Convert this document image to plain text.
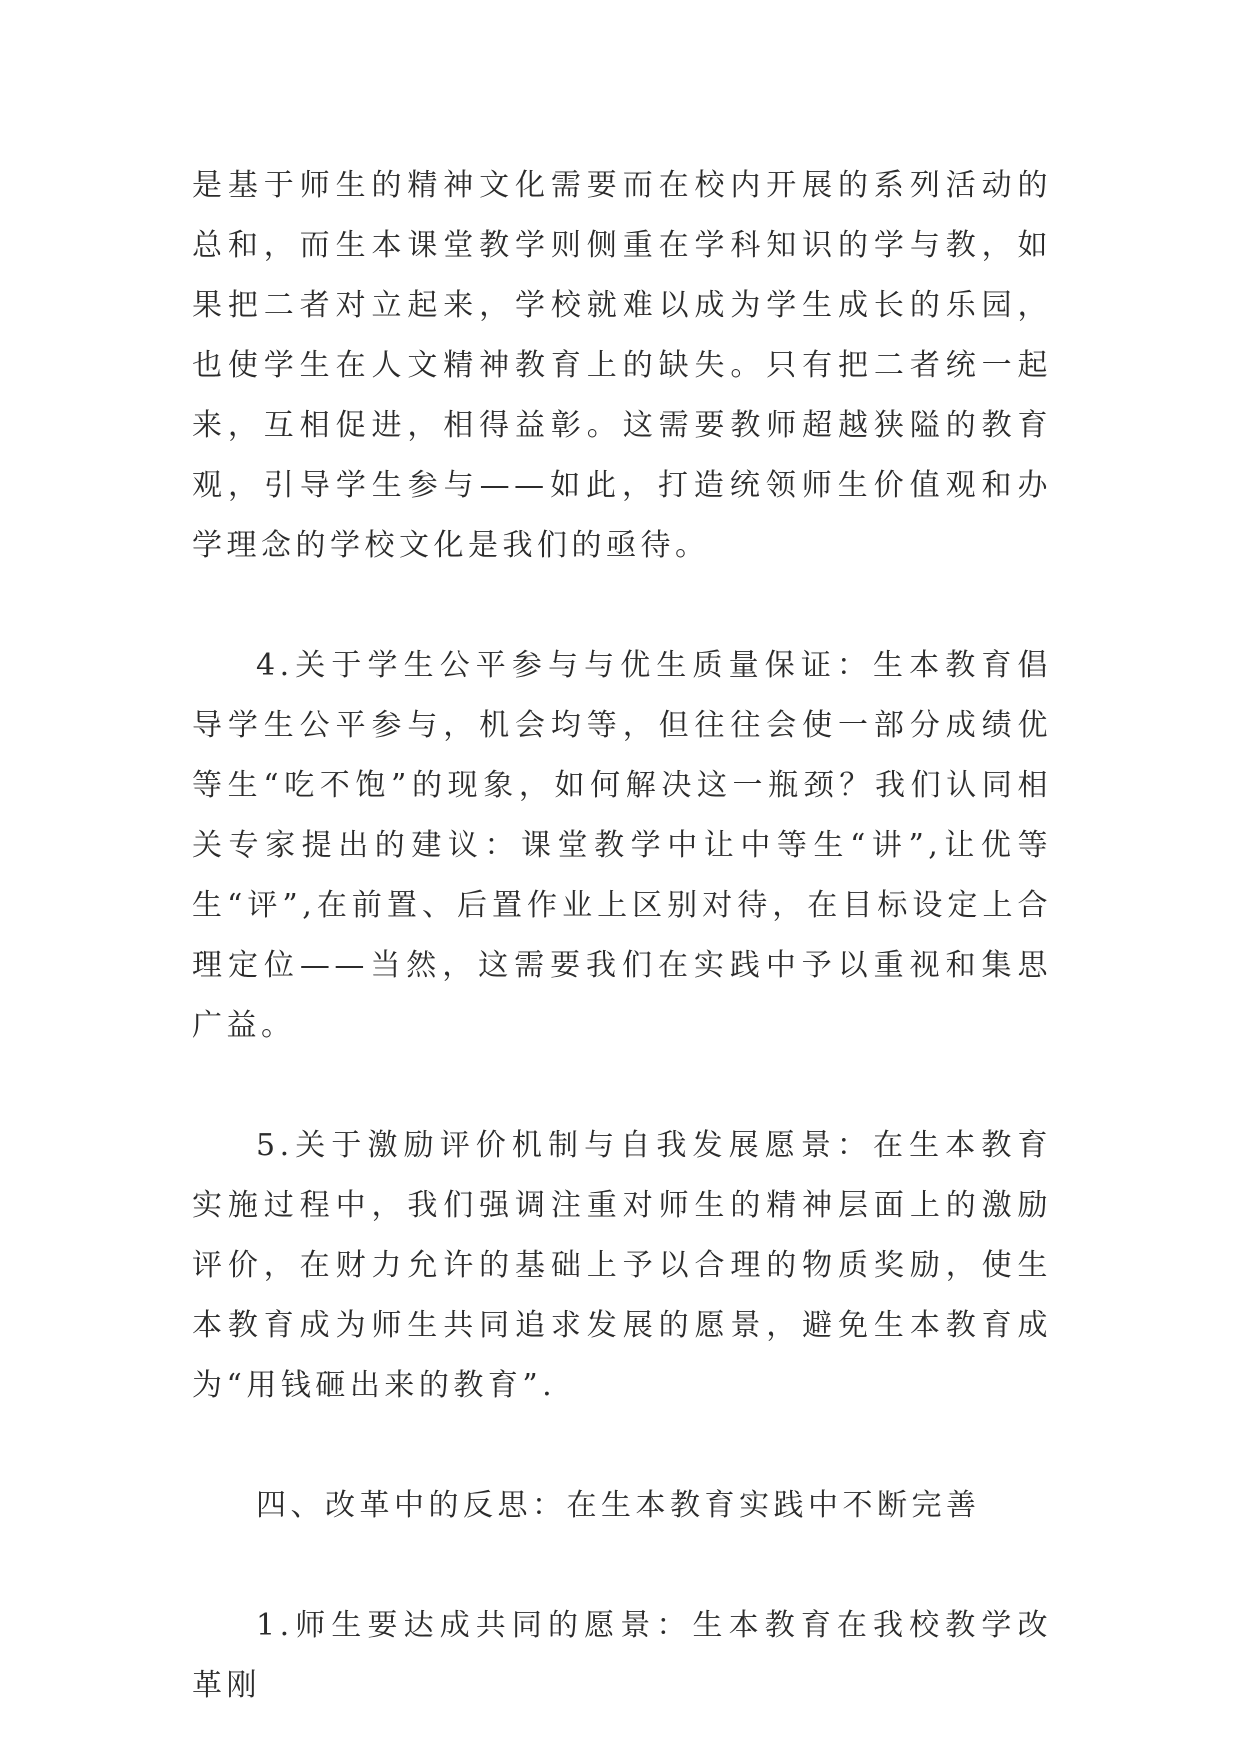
是基于师生的精神文化需要而在校内开展的系列活动的总和，而生本课堂教学则侧重在学科知识的学与教，如果把二者对立起来，学校就难以成为学生成长的乐园，也使学生在人文精神教育上的缺失。只有把二者统一起来，互相促进，相得益彰。这需要教师超越狭隘的教育观，引导学生参与——如此，打造统领师生价值观和办学理念的学校文化是我们的亟待。

4.关于学生公平参与与优生质量保证：生本教育倡导学生公平参与，机会均等，但往往会使一部分成绩优等生“吃不饱”的现象，如何解决这一瓶颈？我们认同相关专家提出的建议：课堂教学中让中等生“讲”,让优等生“评”,在前置、后置作业上区别对待，在目标设定上合理定位——当然，这需要我们在实践中予以重视和集思广益。

5.关于激励评价机制与自我发展愿景：在生本教育实施过程中，我们强调注重对师生的精神层面上的激励评价，在财力允许的基础上予以合理的物质奖励，使生本教育成为师生共同追求发展的愿景，避免生本教育成为“用钱砸出来的教育”.

四、改革中的反思：在生本教育实践中不断完善

1.师生要达成共同的愿景：生本教育在我校教学改革刚
